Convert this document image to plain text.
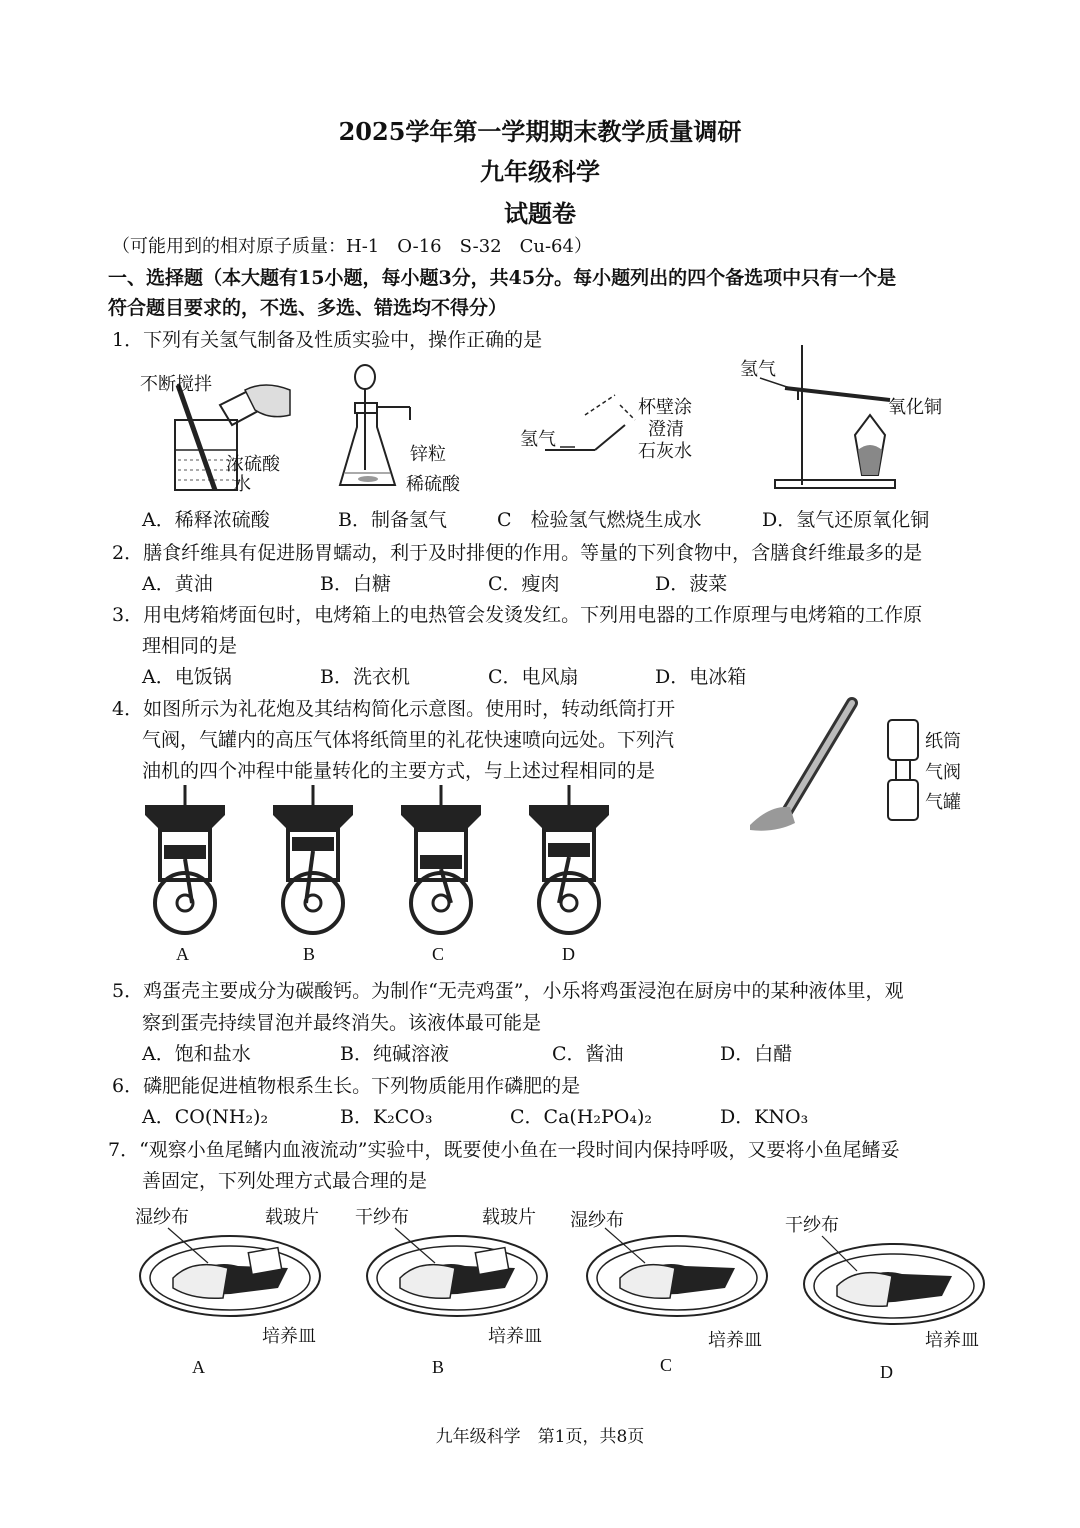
2025学年第一学期期末教学质量调研
九年级科学
试题卷
（可能用到的相对原子质量：H-1　O-16　S-32　Cu-64）
一、选择题（本大题有15小题，每小题3分，共45分。每小题列出的四个备选项中只有一个是
符合题目要求的，不选、多选、错选均不得分）
1．下列有关氢气制备及性质实验中，操作正确的是
不断搅拌
浓硫酸
水
锌粒
稀硫酸
氢气
杯壁涂
澄清
石灰水
氢气
氧化铜
A．稀释浓硫酸	B．制备氢气	C　检验氢气燃烧生成水	D．氢气还原氧化铜
2．膳食纤维具有促进肠胃蠕动，利于及时排便的作用。等量的下列食物中，含膳食纤维最多的是
A．黄油	B．白糖	C．瘦肉	D．菠菜
3．用电烤箱烤面包时，电烤箱上的电热管会发烫发红。下列用电器的工作原理与电烤箱的工作原
理相同的是
A．电饭锅	B．洗衣机	C．电风扇	D．电冰箱
4．如图所示为礼花炮及其结构简化示意图。使用时，转动纸筒打开
气阀，气罐内的高压气体将纸筒里的礼花快速喷向远处。下列汽
油机的四个冲程中能量转化的主要方式，与上述过程相同的是
纸筒
气阀
气罐
A	B	C	D
5．鸡蛋壳主要成分为碳酸钙。为制作“无壳鸡蛋”，小乐将鸡蛋浸泡在厨房中的某种液体里，观
察到蛋壳持续冒泡并最终消失。该液体最可能是
A．饱和盐水	B．纯碱溶液	C．酱油	D．白醋
6．磷肥能促进植物根系生长。下列物质能用作磷肥的是
A．CO(NH₂)₂	B．K₂CO₃	C．Ca(H₂PO₄)₂	D．KNO₃
7．“观察小鱼尾鳍内血液流动”实验中，既要使小鱼在一段时间内保持呼吸，又要将小鱼尾鳍妥
善固定，下列处理方式最合理的是
湿纱布	载玻片
培养皿
干纱布	载玻片
培养皿
湿纱布
培养皿
干纱布
培养皿
A	B	C	D
九年级科学　第1页，共8页
